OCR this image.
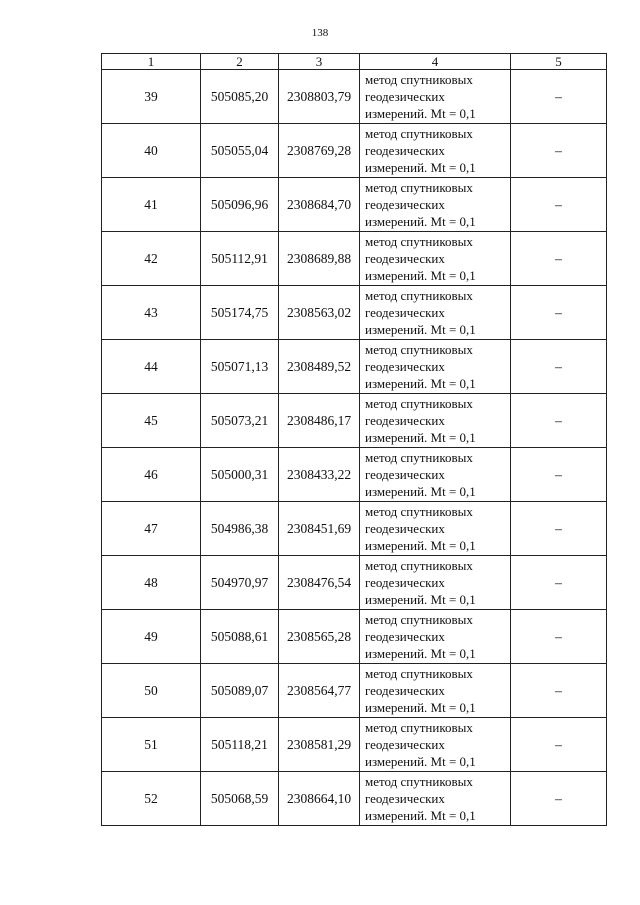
138
1	2	3	4	5
39	505085,20	2308803,79	метод спутниковых
геодезических
измерений. Mt = 0,1	–
40	505055,04	2308769,28	метод спутниковых
геодезических
измерений. Mt = 0,1	–
41	505096,96	2308684,70	метод спутниковых
геодезических
измерений. Mt = 0,1	–
42	505112,91	2308689,88	метод спутниковых
геодезических
измерений. Mt = 0,1	–
43	505174,75	2308563,02	метод спутниковых
геодезических
измерений. Mt = 0,1	–
44	505071,13	2308489,52	метод спутниковых
геодезических
измерений. Mt = 0,1	–
45	505073,21	2308486,17	метод спутниковых
геодезических
измерений. Mt = 0,1	–
46	505000,31	2308433,22	метод спутниковых
геодезических
измерений. Mt = 0,1	–
47	504986,38	2308451,69	метод спутниковых
геодезических
измерений. Mt = 0,1	–
48	504970,97	2308476,54	метод спутниковых
геодезических
измерений. Mt = 0,1	–
49	505088,61	2308565,28	метод спутниковых
геодезических
измерений. Mt = 0,1	–
50	505089,07	2308564,77	метод спутниковых
геодезических
измерений. Mt = 0,1	–
51	505118,21	2308581,29	метод спутниковых
геодезических
измерений. Mt = 0,1	–
52	505068,59	2308664,10	метод спутниковых
геодезических
измерений. Mt = 0,1	–
